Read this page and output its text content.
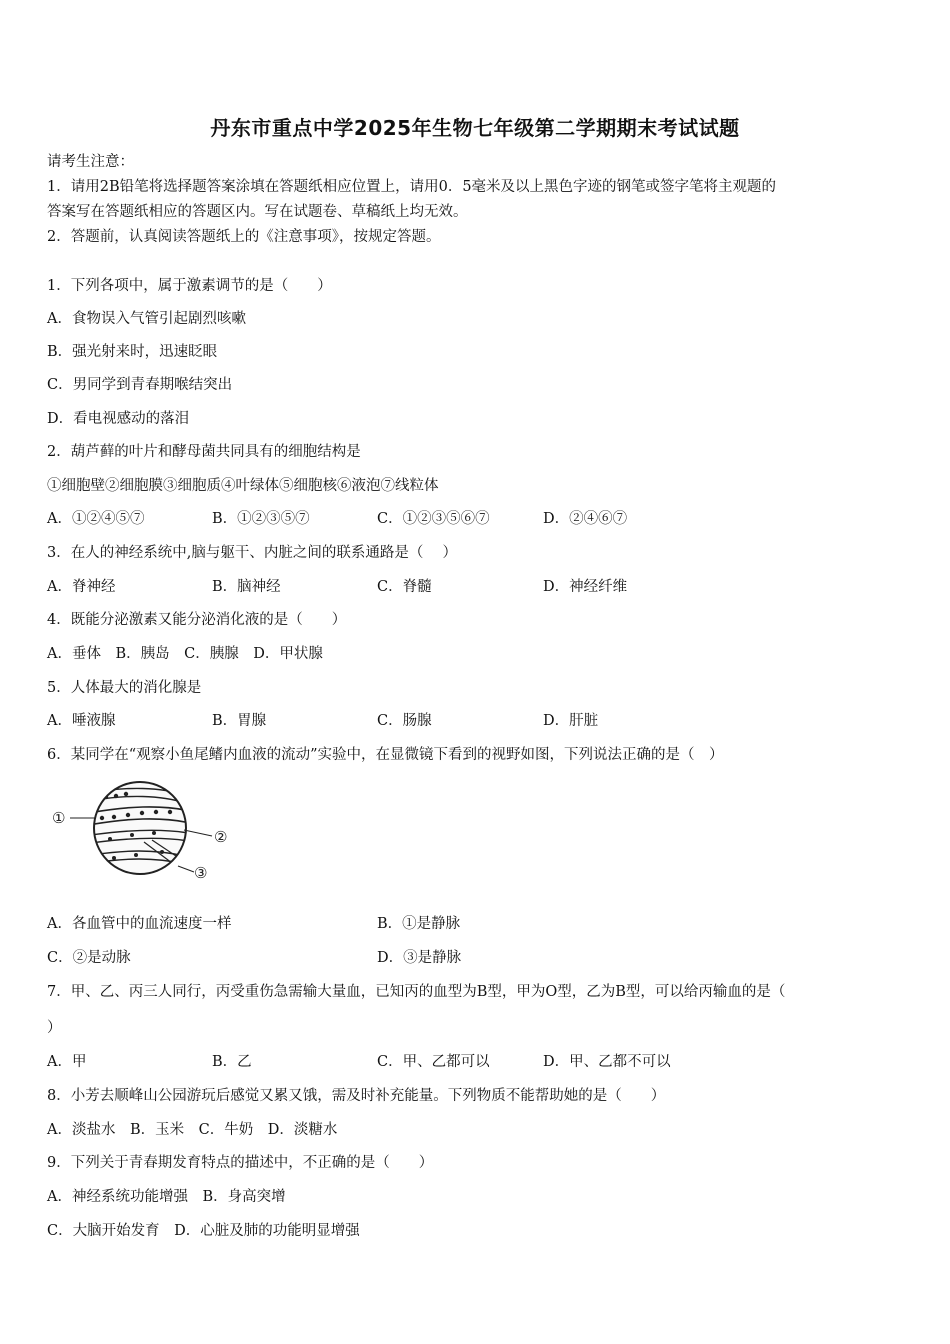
丹东市重点中学2025年生物七年级第二学期期末考试试题
请考生注意：
1．请用2B铅笔将选择题答案涂填在答题纸相应位置上，请用0．5毫米及以上黑色字迹的钢笔或签字笔将主观题的
答案写在答题纸相应的答题区内。写在试题卷、草稿纸上均无效。
2．答题前，认真阅读答题纸上的《注意事项》，按规定答题。
1．下列各项中，属于激素调节的是（　　）
A．食物误入气管引起剧烈咳嗽
B．强光射来时，迅速眨眼
C．男同学到青春期喉结突出
D．看电视感动的落泪
2．葫芦藓的叶片和酵母菌共同具有的细胞结构是
①细胞壁②细胞膜③细胞质④叶绿体⑤细胞核⑥液泡⑦线粒体
A．①②④⑤⑦	B．①②③⑤⑦	C．①②③⑤⑥⑦	D．②④⑥⑦
3．在人的神经系统中,脑与躯干、内脏之间的联系通路是（　 ）
A．脊神经	B．脑神经	C．脊髓	D．神经纤维
4．既能分泌激素又能分泌消化液的是（　　）
A．垂体　B．胰岛　C．胰腺　D．甲状腺
5．人体最大的消化腺是
A．唾液腺	B．胃腺	C．肠腺	D．肝脏
6．某同学在“观察小鱼尾鳍内血液的流动”实验中，在显微镜下看到的视野如图，下列说法正确的是（　）
①
②
③
A．各血管中的血流速度一样	B．①是静脉
C．②是动脉	D．③是静脉
7．甲、乙、丙三人同行，丙受重伤急需输大量血，已知丙的血型为B型，甲为O型，乙为B型，可以给丙输血的是（
）
A．甲	B．乙	C．甲、乙都可以	D．甲、乙都不可以
8．小芳去顺峰山公园游玩后感觉又累又饿，需及时补充能量。下列物质不能帮助她的是（　　）
A．淡盐水　B．玉米　C．牛奶　D．淡糖水
9．下列关于青春期发育特点的描述中，不正确的是（　　）
A．神经系统功能增强　B．身高突增
C．大脑开始发育　D．心脏及肺的功能明显增强
